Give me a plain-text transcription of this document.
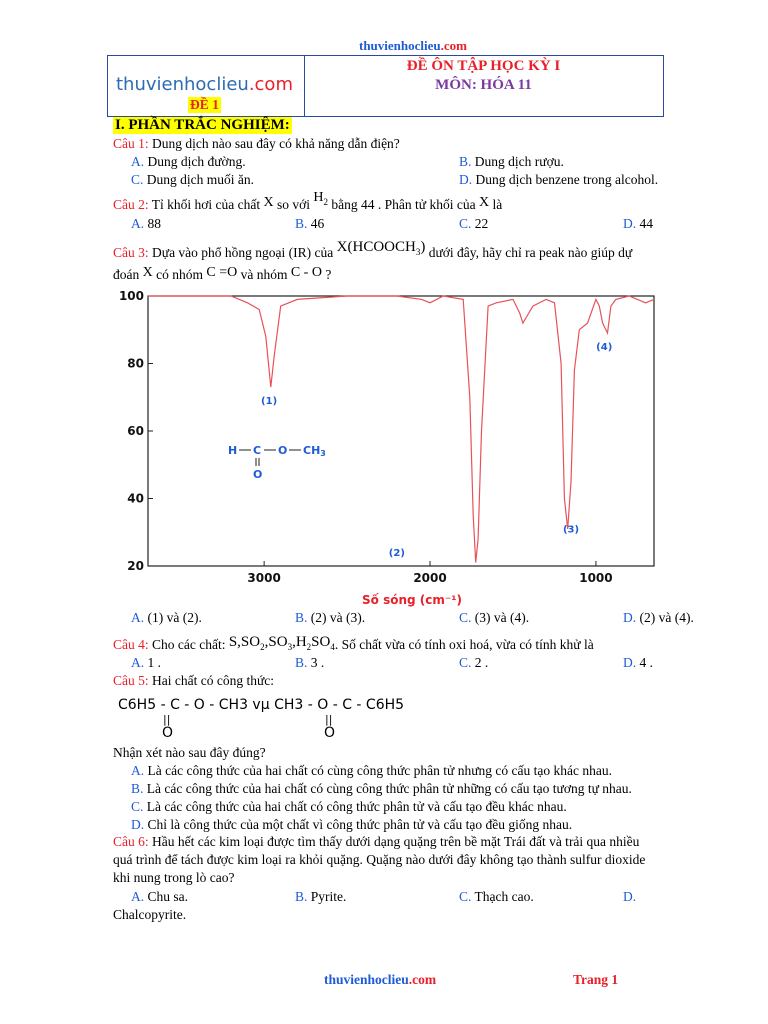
thuvienhoclieu.com
thuvienhoclieu.com
ĐỀ 1
ĐỀ ÔN TẬP HỌC KỲ I
MÔN: HÓA 11
I. PHẦN TRẮC NGHIỆM:
Câu 1: Dung dịch nào sau đây có khả năng dẫn điện?
A. Dung dịch đường.	B. Dung dịch rượu.
C. Dung dịch muối ăn.	D. Dung dịch benzene trong alcohol.
Câu 2: Tỉ khối hơi của chất X so với $H_2$ bằng 44 . Phân tử khối của X là
A. 88	B. 46	C. 22	D. 44
Câu 3: Dựa vào phổ hồng ngoại (IR) của $X(HCOOCH_3)$ dưới đây, hãy chỉ ra peak nào giúp dự
đoán X có nhóm C =O và nhóm C - O ?
100
80
60
40
20
3000	2000	1000
(1)
(2)
(3)
(4)
Số sóng (cm⁻¹)
H C O CH3
O
A. (1) và (2).	B. (2) và (3).	C. (3) và (4).	D. (2) và (4).
Câu 4: Cho các chất: $S,SO_2,SO_3,H_2SO_4$. Số chất vừa có tính oxi hoá, vừa có tính khử là
A. 1 .	B. 3 .	C. 2 .	D. 4 .
Câu 5: Hai chất có công thức:
C6H5 - C - O - CH3 vµ CH3 - O - C - C6H5
||	||
O	O
Nhận xét nào sau đây đúng?
A. Là các công thức của hai chất có cùng công thức phân tử nhưng có cấu tạo khác nhau.
B. Là các công thức của hai chất có cùng công thức phân tử những có cấu tạo tương tự nhau.
C. Là các công thức của hai chất có công thức phân tử và cấu tạo đều khác nhau.
D. Chỉ là công thức của một chất vì công thức phân tử và cấu tạo đều giống nhau.
Câu 6: Hầu hết các kim loại được tìm thấy dưới dạng quặng trên bề mặt Trái đất và trải qua nhiều
quá trình để tách được kim loại ra khỏi quặng. Quặng nào dưới đây không tạo thành sulfur dioxide
khi nung trong lò cao?
A. Chu sa.	B. Pyrite.	C. Thạch cao.	D.
Chalcopyrite.
thuvienhoclieu.com	Trang 1
